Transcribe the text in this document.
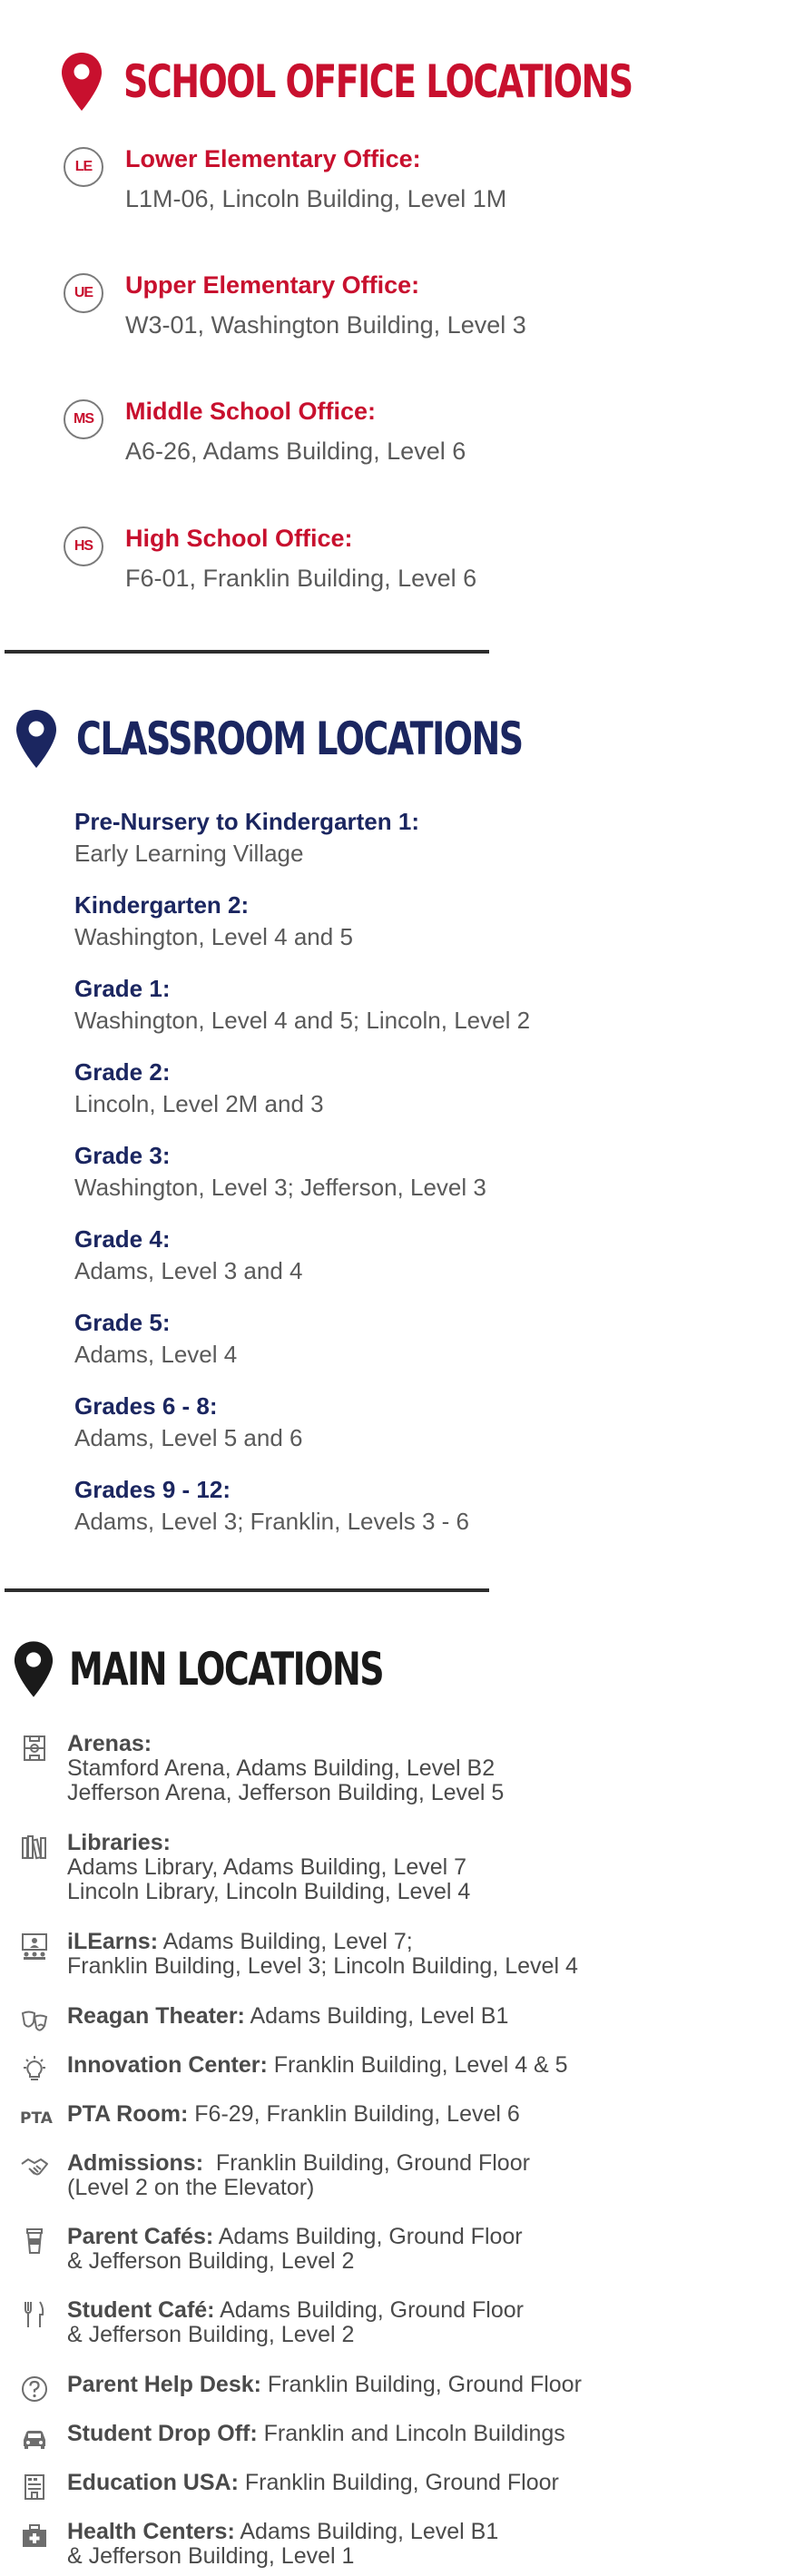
SCHOOL OFFICE LOCATIONS
LE	Lower Elementary Office:
L1M-06, Lincoln Building, Level 1M
UE	Upper Elementary Office:
W3-01, Washington Building, Level 3
MS	Middle School Office:
A6-26, Adams Building, Level 6
HS	High School Office:
F6-01, Franklin Building, Level 6
CLASSROOM LOCATIONS
Pre-Nursery to Kindergarten 1:
Early Learning Village
Kindergarten 2:
Washington, Level 4 and 5
Grade 1:
Washington, Level 4 and 5; Lincoln, Level 2
Grade 2:
Lincoln, Level 2M and 3
Grade 3:
Washington, Level 3; Jefferson, Level 3
Grade 4:
Adams, Level 3 and 4
Grade 5:
Adams, Level 4
Grades 6 - 8:
Adams, Level 5 and 6
Grades 9 - 12:
Adams, Level 3; Franklin, Levels 3 - 6
MAIN LOCATIONS
Arenas:
Stamford Arena, Adams Building, Level B2
Jefferson Arena, Jefferson Building, Level 5
Libraries:
Adams Library, Adams Building, Level 7
Lincoln Library, Lincoln Building, Level 4
iLEarns: Adams Building, Level 7;
Franklin Building, Level 3; Lincoln Building, Level 4
Reagan Theater: Adams Building, Level B1
Innovation Center: Franklin Building, Level 4 & 5
PTA PTA Room: F6-29, Franklin Building, Level 6
Admissions:  Franklin Building, Ground Floor
(Level 2 on the Elevator)
Parent Cafés: Adams Building, Ground Floor
& Jefferson Building, Level 2
Student Café: Adams Building, Ground Floor
& Jefferson Building, Level 2
Parent Help Desk: Franklin Building, Ground Floor
Student Drop Off: Franklin and Lincoln Buildings
Education USA: Franklin Building, Ground Floor
Health Centers: Adams Building, Level B1
& Jefferson Building, Level 1
